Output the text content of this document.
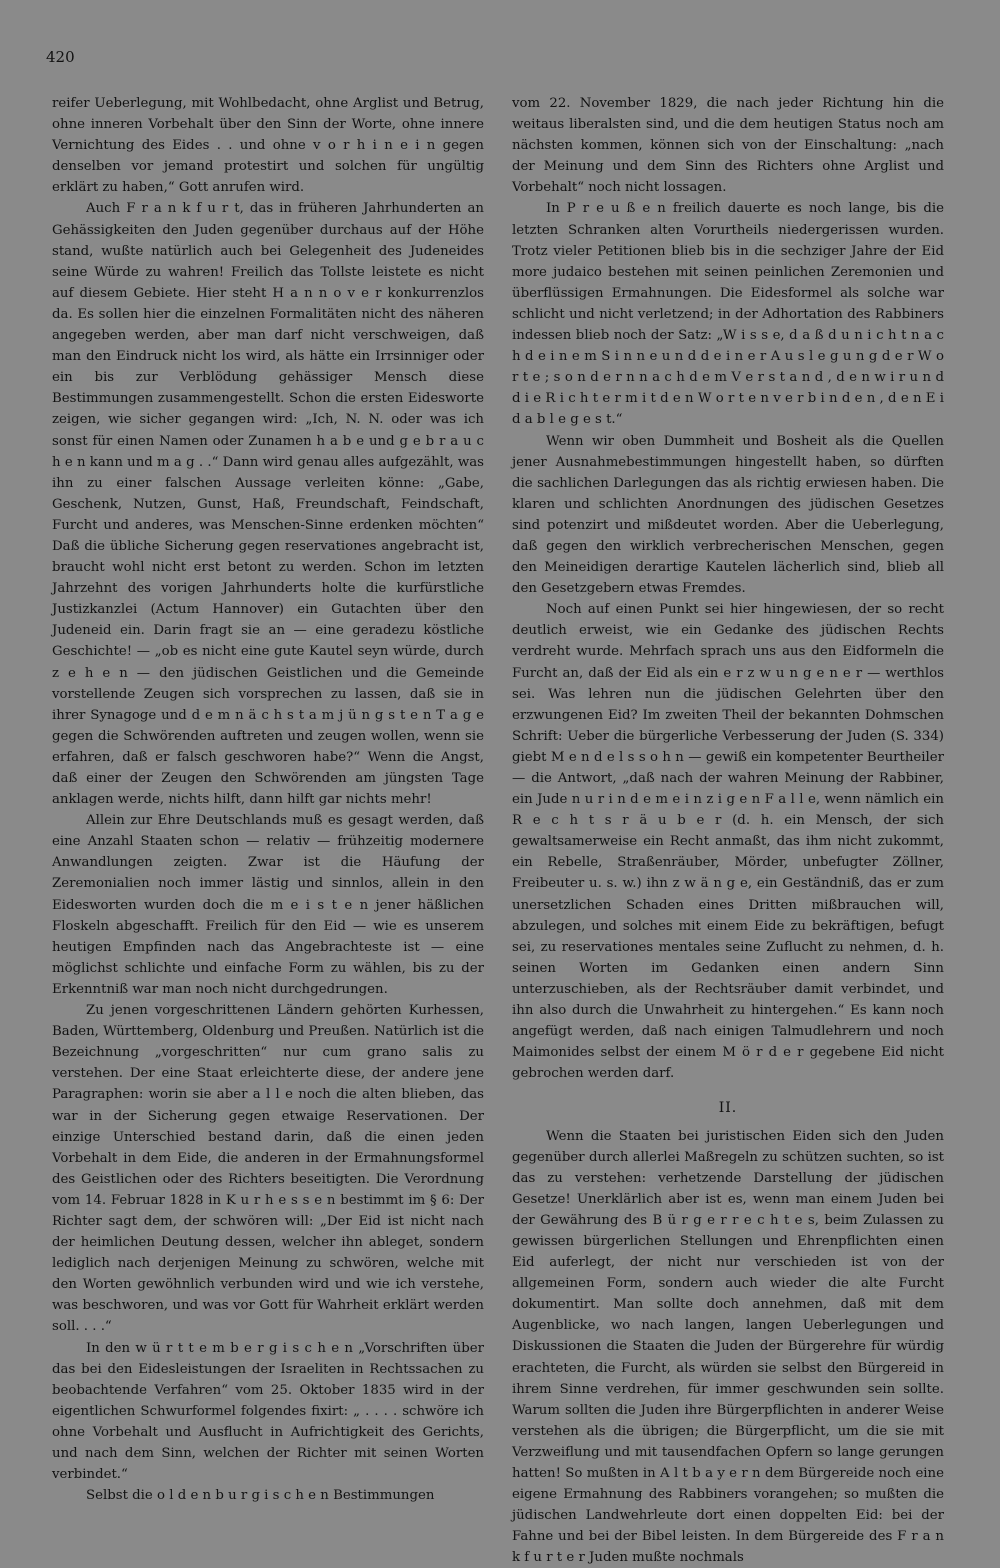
420

reifer Ueberlegung, mit Wohlbedacht, ohne Arglist und Betrug, ohne inneren Vorbehalt über den Sinn der Worte, ohne innere Vernichtung des Eides . . und ohne v o r h i n e i n gegen denselben vor jemand protestirt und solchen für ungültig erklärt zu haben,“ Gott anrufen wird.

Auch F r a n k f u r t, das in früheren Jahrhunderten an Gehässigkeiten den Juden gegenüber durchaus auf der Höhe stand, wußte natürlich auch bei Gelegenheit des Judeneides seine Würde zu wahren! Freilich das Tollste leistete es nicht auf diesem Gebiete. Hier steht H a n n o v e r konkurrenzlos da. Es sollen hier die einzelnen Formalitäten nicht des näheren angegeben werden, aber man darf nicht verschweigen, daß man den Eindruck nicht los wird, als hätte ein Irrsinniger oder ein bis zur Verblödung gehässiger Mensch diese Bestimmungen zusammengestellt. Schon die ersten Eidesworte zeigen, wie sicher gegangen wird: „Ich, N. N. oder was ich sonst für einen Namen oder Zunamen h a b e und g e b r a u c h e n kann und m a g . .“ Dann wird genau alles aufgezählt, was ihn zu einer falschen Aussage verleiten könne: „Gabe, Geschenk, Nutzen, Gunst, Haß, Freundschaft, Feindschaft, Furcht und anderes, was Menschen-Sinne erdenken möchten“ Daß die übliche Sicherung gegen reservationes angebracht ist, braucht wohl nicht erst betont zu werden. Schon im letzten Jahrzehnt des vorigen Jahrhunderts holte die kurfürstliche Justizkanzlei (Actum Hannover) ein Gutachten über den Judeneid ein. Darin fragt sie an — eine geradezu köstliche Geschichte! — „ob es nicht eine gute Kautel seyn würde, durch z e h e n — den jüdischen Geistlichen und die Gemeinde vorstellende Zeugen sich vorsprechen zu lassen, daß sie in ihrer Synagoge und d e m n ä c h s t a m j ü n g s t e n T a g e gegen die Schwörenden auftreten und zeugen wollen, wenn sie erfahren, daß er falsch geschworen habe?“ Wenn die Angst, daß einer der Zeugen den Schwörenden am jüngsten Tage anklagen werde, nichts hilft, dann hilft gar nichts mehr!

Allein zur Ehre Deutschlands muß es gesagt werden, daß eine Anzahl Staaten schon — relativ — frühzeitig modernere Anwandlungen zeigten. Zwar ist die Häufung der Zeremonialien noch immer lästig und sinnlos, allein in den Eidesworten wurden doch die m e i s t e n jener häßlichen Floskeln abgeschafft. Freilich für den Eid — wie es unserem heutigen Empfinden nach das Angebrachteste ist — eine möglichst schlichte und einfache Form zu wählen, bis zu der Erkenntniß war man noch nicht durchgedrungen.

Zu jenen vorgeschrittenen Ländern gehörten Kurhessen, Baden, Württemberg, Oldenburg und Preußen. Natürlich ist die Bezeichnung „vorgeschritten“ nur cum grano salis zu verstehen. Der eine Staat erleichterte diese, der andere jene Paragraphen: worin sie aber a l l e noch die alten blieben, das war in der Sicherung gegen etwaige Reservationen. Der einzige Unterschied bestand darin, daß die einen jeden Vorbehalt in dem Eide, die anderen in der Ermahnungsformel des Geistlichen oder des Richters beseitigten. Die Verordnung vom 14. Februar 1828 in K u r h e s s e n bestimmt im § 6: Der Richter sagt dem, der schwören will: „Der Eid ist nicht nach der heimlichen Deutung dessen, welcher ihn ableget, sondern lediglich nach derjenigen Meinung zu schwören, welche mit den Worten gewöhnlich verbunden wird und wie ich verstehe, was beschworen, und was vor Gott für Wahrheit erklärt werden soll. . . .“

In den w ü r t t e m b e r g i s c h e n „Vorschriften über das bei den Eidesleistungen der Israeliten in Rechtssachen zu beobachtende Verfahren“ vom 25. Oktober 1835 wird in der eigentlichen Schwurformel folgendes fixirt: „ . . . . schwöre ich ohne Vorbehalt und Ausflucht in Aufrichtigkeit des Gerichts, und nach dem Sinn, welchen der Richter mit seinen Worten verbindet.“

Selbst die o l d e n b u r g i s c h e n Bestimmungen

vom 22. November 1829, die nach jeder Richtung hin die weitaus liberalsten sind, und die dem heutigen Status noch am nächsten kommen, können sich von der Einschaltung: „nach der Meinung und dem Sinn des Richters ohne Arglist und Vorbehalt“ noch nicht lossagen.

In P r e u ß e n freilich dauerte es noch lange, bis die letzten Schranken alten Vorurtheils niedergerissen wurden. Trotz vieler Petitionen blieb bis in die sechziger Jahre der Eid more judaico bestehen mit seinen peinlichen Zeremonien und überflüssigen Ermahnungen. Die Eidesformel als solche war schlicht und nicht verletzend; in der Adhortation des Rabbiners indessen blieb noch der Satz: „W i s s e, d a ß d u n i c h t n a c h d e i n e m S i n n e u n d d e i n e r A u s l e g u n g d e r W o r t e ; s o n d e r n n a c h d e m V e r s t a n d , d e n w i r u n d d i e R i c h t e r m i t d e n W o r t e n v e r b i n d e n , d e n E i d a b l e g e s t.“

Wenn wir oben Dummheit und Bosheit als die Quellen jener Ausnahmebestimmungen hingestellt haben, so dürften die sachlichen Darlegungen das als richtig erwiesen haben. Die klaren und schlichten Anordnungen des jüdischen Gesetzes sind potenzirt und mißdeutet worden. Aber die Ueberlegung, daß gegen den wirklich verbrecherischen Menschen, gegen den Meineidigen derartige Kautelen lächerlich sind, blieb all den Gesetzgebern etwas Fremdes.

Noch auf einen Punkt sei hier hingewiesen, der so recht deutlich erweist, wie ein Gedanke des jüdischen Rechts verdreht wurde. Mehrfach sprach uns aus den Eidformeln die Furcht an, daß der Eid als ein e r z w u n g e n e r — werthlos sei. Was lehren nun die jüdischen Gelehrten über den erzwungenen Eid? Im zweiten Theil der bekannten Dohmschen Schrift: Ueber die bürgerliche Verbesserung der Juden (S. 334) giebt M e n d e l s s o h n — gewiß ein kompetenter Beurtheiler — die Antwort, „daß nach der wahren Meinung der Rabbiner, ein Jude n u r i n d e m e i n z i g e n F a l l e, wenn nämlich ein R e c h t s r ä u b e r (d. h. ein Mensch, der sich gewaltsamerweise ein Recht anmaßt, das ihm nicht zukommt, ein Rebelle, Straßenräuber, Mörder, unbefugter Zöllner, Freibeuter u. s. w.) ihn z w ä n g e, ein Geständniß, das er zum unersetzlichen Schaden eines Dritten mißbrauchen will, abzulegen, und solches mit einem Eide zu bekräftigen, befugt sei, zu reservationes mentales seine Zuflucht zu nehmen, d. h. seinen Worten im Gedanken einen andern Sinn unterzuschieben, als der Rechtsräuber damit verbindet, und ihn also durch die Unwahrheit zu hintergehen.“ Es kann noch angefügt werden, daß nach einigen Talmudlehrern und noch Maimonides selbst der einem M ö r d e r gegebene Eid nicht gebrochen werden darf.

II.

Wenn die Staaten bei juristischen Eiden sich den Juden gegenüber durch allerlei Maßregeln zu schützen suchten, so ist das zu verstehen: verhetzende Darstellung der jüdischen Gesetze! Unerklärlich aber ist es, wenn man einem Juden bei der Gewährung des B ü r g e r r e c h t e s, beim Zulassen zu gewissen bürgerlichen Stellungen und Ehrenpflichten einen Eid auferlegt, der nicht nur verschieden ist von der allgemeinen Form, sondern auch wieder die alte Furcht dokumentirt. Man sollte doch annehmen, daß mit dem Augenblicke, wo nach langen, langen Ueberlegungen und Diskussionen die Staaten die Juden der Bürgerehre für würdig erachteten, die Furcht, als würden sie selbst den Bürgereid in ihrem Sinne verdrehen, für immer geschwunden sein sollte. Warum sollten die Juden ihre Bürgerpflichten in anderer Weise verstehen als die übrigen; die Bürgerpflicht, um die sie mit Verzweiflung und mit tausendfachen Opfern so lange gerungen hatten! So mußten in A l t b a y e r n dem Bürgereide noch eine eigene Ermahnung des Rabbiners vorangehen; so mußten die jüdischen Landwehrleute dort einen doppelten Eid: bei der Fahne und bei der Bibel leisten. In dem Bürgereide des F r a n k f u r t e r Juden mußte nochmals
